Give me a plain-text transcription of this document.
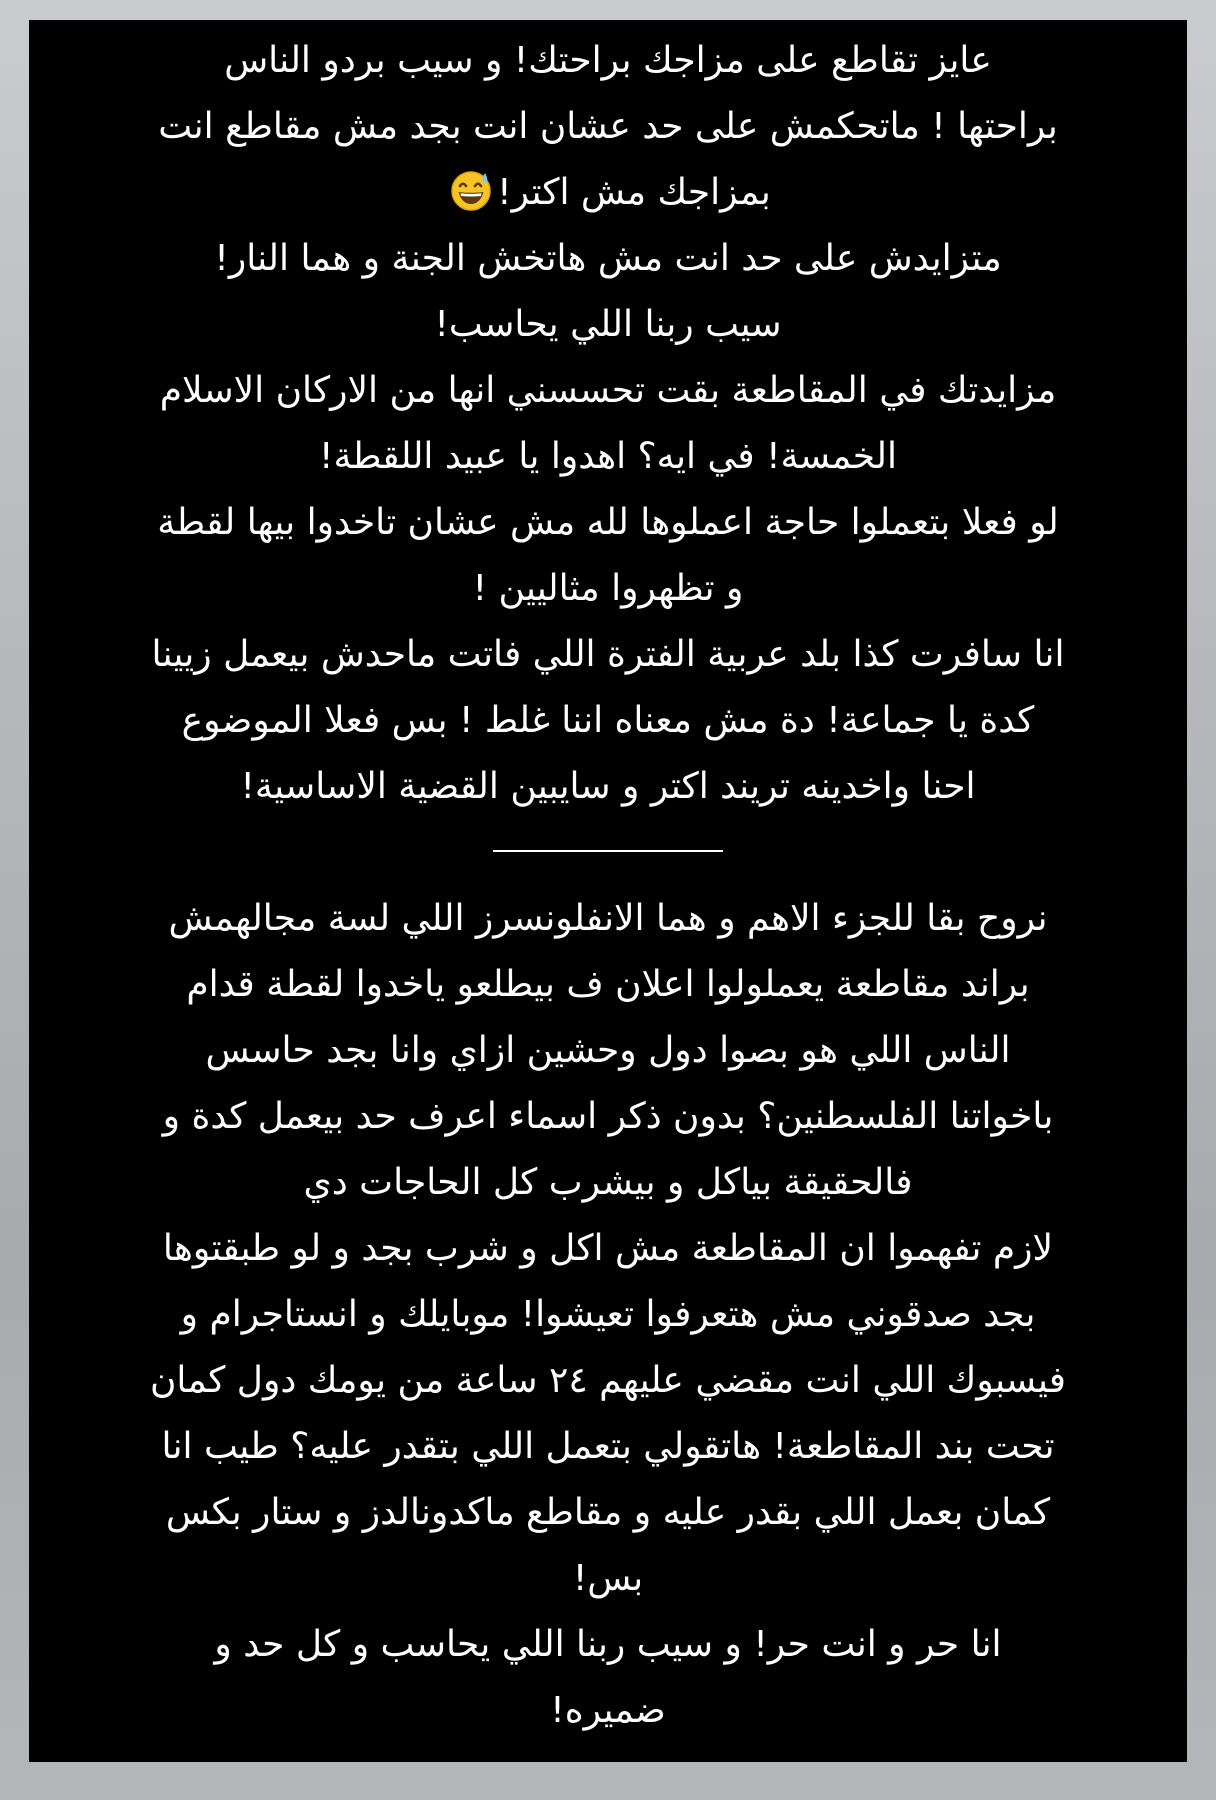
عايز تقاطع على مزاجك براحتك! و سيب بردو الناس
براحتها ! ماتحكمش على حد عشان انت بجد مش مقاطع انت
بمزاجك مش اكتر!
متزايدش على حد انت مش هاتخش الجنة و هما النار!
سيب ربنا اللي يحاسب!
مزايدتك في المقاطعة بقت تحسسني انها من الاركان الاسلام
الخمسة! في ايه؟ اهدوا يا عبيد اللقطة!
لو فعلا بتعملوا حاجة اعملوها لله مش عشان تاخدوا بيها لقطة
و تظهروا مثاليين !
انا سافرت كذا بلد عربية الفترة اللي فاتت ماحدش بيعمل زيينا
كدة يا جماعة! دة مش معناه اننا غلط ! بس فعلا الموضوع
احنا واخدينه تريند اكتر و سايبين القضية الاساسية!
نروح بقا للجزء الاهم و هما الانفلونسرز اللي لسة مجالهمش
براند مقاطعة يعملولوا اعلان ف بيطلعو ياخدوا لقطة قدام
الناس اللي هو بصوا دول وحشين ازاي وانا بجد حاسس
باخواتنا الفلسطنين؟ بدون ذكر اسماء اعرف حد بيعمل كدة و
فالحقيقة بياكل و بيشرب كل الحاجات دي
لازم تفهموا ان المقاطعة مش اكل و شرب بجد و لو طبقتوها
بجد صدقوني مش هتعرفوا تعيشوا! موبايلك و انستاجرام و
فيسبوك اللي انت مقضي عليهم ٢٤ ساعة من يومك دول كمان
تحت بند المقاطعة! هاتقولي بتعمل اللي بتقدر عليه؟ طيب انا
كمان بعمل اللي بقدر عليه و مقاطع ماكدونالدز و ستار بكس
بس!
انا حر و انت حر! و سيب ربنا اللي يحاسب و كل حد و
ضميره!
